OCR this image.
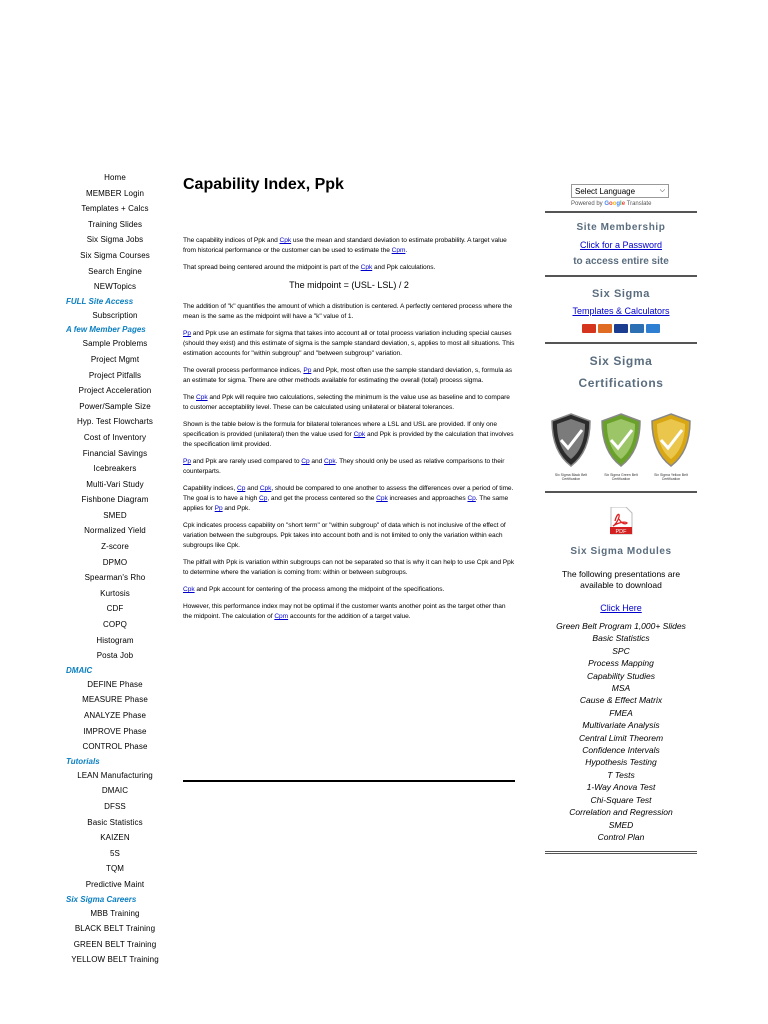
Home
MEMBER Login
Templates + Calcs
Training Slides
Six Sigma Jobs
Six Sigma Courses
Search Engine
NEWTopics
FULL Site Access
Subscription
A few Member Pages
Sample Problems
Project Mgmt
Project Pitfalls
Project Acceleration
Power/Sample Size
Hyp. Test Flowcharts
Cost of Inventory
Financial Savings
Icebreakers
Multi-Vari Study
Fishbone Diagram
SMED
Normalized Yield
Z-score
DPMO
Spearman's Rho
Kurtosis
CDF
COPQ
Histogram
Posta Job
DMAIC
DEFINE Phase
MEASURE Phase
ANALYZE Phase
IMPROVE Phase
CONTROL Phase
Tutorials
LEAN Manufacturing
DMAIC
DFSS
Basic Statistics
KAIZEN
5S
TQM
Predictive Maint
Six Sigma Careers
MBB Training
BLACK BELT Training
GREEN BELT Training
YELLOW BELT Training
Capability Index, Ppk

The capability indices of Ppk and Cpk use the mean and standard deviation to estimate probability. A target value from historical performance or the customer can be used to estimate the Cpm.

That spread being centered around the midpoint is part of the Cpk and Ppk calculations.

The midpoint = (USL- LSL) / 2

The addition of "k" quantifies the amount of which a distribution is centered. A perfectly centered process where the mean is the same as the midpoint will have a "k" value of 1.

Pp and Ppk use an estimate for sigma that takes into account all or total process variation including special causes (should they exist) and this estimate of sigma is the sample standard deviation, s, applies to most all situations. This estimation accounts for "within subgroup" and "between subgroup" variation.

The overall process performance indices, Pp and Ppk, most often use the sample standard deviation, s, formula as an estimate for sigma. There are other methods available for estimating the overall (total) process sigma.

The Cpk and Ppk will require two calculations, selecting the minimum is the value use as baseline and to compare to customer acceptability level. These can be calculated using unilateral or bilateral tolerances.

Shown is the table below is the formula for bilateral tolerances where a LSL and USL are provided. If only one specification is provided (unilateral) then the value used for Cpk and Ppk is provided by the calculation that involves the specification limit provided.

Pp and Ppk are rarely used compared to Cp and Cpk. They should only be used as relative comparisons to their counterparts.

Capability indices, Cp and Cpk, should be compared to one another to assess the differences over a period of time. The goal is to have a high Cp, and get the process centered so the Cpk increases and approaches Cp. The same applies for Pp and Ppk.

Cpk indicates process capability on "short term" or "within subgroup" of data which is not inclusive of the effect of variation between the subgroups. Ppk takes into account both and is not limited to only the variation within each subgroups like Cpk.

The pitfall with Ppk is variation within subgroups can not be separated so that is why it can help to use Cpk and Ppk to determine where the variation is coming from: within or between subgroups.

Cpk and Ppk account for centering of the process among the midpoint of the specifications.

However, this performance index may not be optimal if the customer wants another point as the target other than the midpoint. The calculation of Cpm accounts for the addition of a target value.

Select Language	⌵
Powered by Google Translate
Site Membership
Click for a Password
to access entire site
Six Sigma
Templates & Calculators
Six Sigma
Certifications
Six Sigma Black Belt Certification
Six Sigma Green Belt Certification
Six Sigma Yellow Belt Certification
PDF
Six Sigma Modules
The following presentations are available to download
Click Here
Green Belt Program 1,000+ Slides
Basic Statistics
SPC
Process Mapping
Capability Studies
MSA
Cause & Effect Matrix
FMEA
Multivariate Analysis
Central Limit Theorem
Confidence Intervals
Hypothesis Testing
T Tests
1-Way Anova Test
Chi-Square Test
Correlation and Regression
SMED
Control Plan
